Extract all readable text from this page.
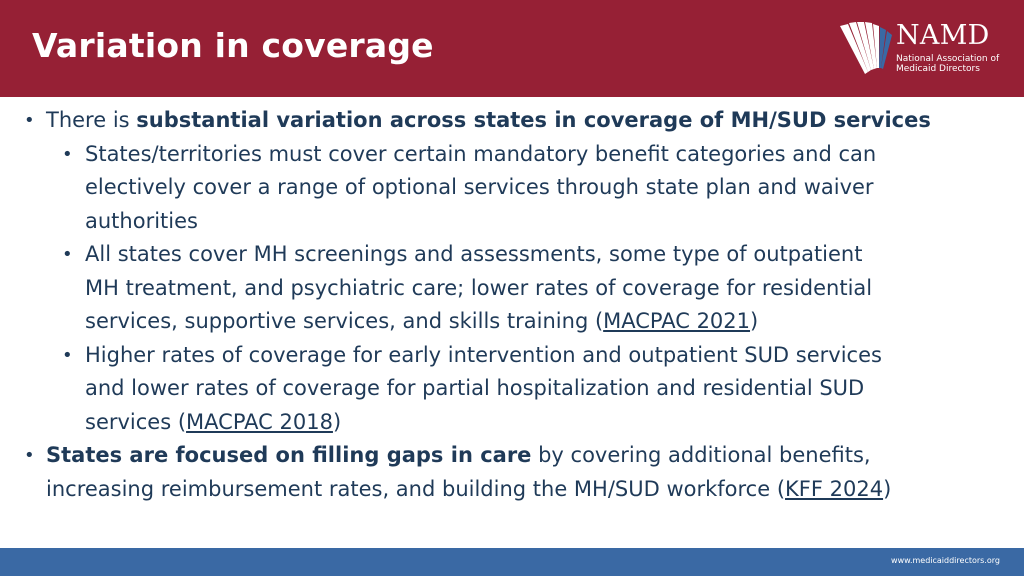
Variation in coverage	NAMD
National Association of
Medicaid Directors
• There is substantial variation across states in coverage of MH/SUD services
• States/territories must cover certain mandatory benefit categories and can
electively cover a range of optional services through state plan and waiver
authorities
• All states cover MH screenings and assessments, some type of outpatient
MH treatment, and psychiatric care; lower rates of coverage for residential
services, supportive services, and skills training (MACPAC 2021)
• Higher rates of coverage for early intervention and outpatient SUD services
and lower rates of coverage for partial hospitalization and residential SUD
services (MACPAC 2018)
• States are focused on filling gaps in care by covering additional benefits,
increasing reimbursement rates, and building the MH/SUD workforce (KFF 2024)
www.medicaiddirectors.org
